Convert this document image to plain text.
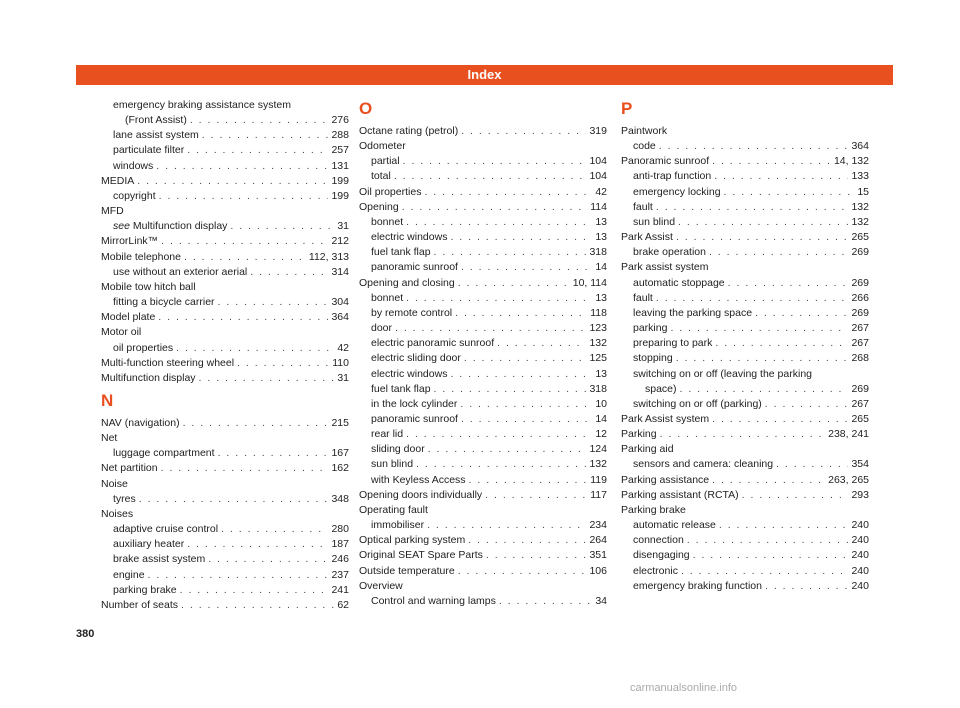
Index
emergency braking assistance system
(Front Assist) . . .	276
lane assist system . . .	288
particulate filter . . .	257
windows . . .	131
MEDIA . . .	199
copyright . . .	199
MFD
see Multifunction display . . .	31
MirrorLink™ . . .	212
Mobile telephone . . .	112, 313
use without an exterior aerial . . .	314
Mobile tow hitch ball
fitting a bicycle carrier . . .	304
Model plate . . .	364
Motor oil
oil properties . . .	42
Multi-function steering wheel . . .	110
Multifunction display . . .	31
N
NAV (navigation) . . .	215
Net
luggage compartment . . .	167
Net partition . . .	162
Noise
tyres . . .	348
Noises
adaptive cruise control . . .	280
auxiliary heater . . .	187
brake assist system . . .	246
engine . . .	237
parking brake . . .	241
Number of seats . . .	62
O
Octane rating (petrol) . . .	319
Odometer
partial . . .	104
total . . .	104
Oil properties . . .	42
Opening . . .	114
bonnet . . .	13
electric windows . . .	13
fuel tank flap . . .	318
panoramic sunroof . . .	14
Opening and closing . . .	10, 114
bonnet . . .	13
by remote control . . .	118
door . . .	123
electric panoramic sunroof . . .	132
electric sliding door . . .	125
electric windows . . .	13
fuel tank flap . . .	318
in the lock cylinder . . .	10
panoramic sunroof . . .	14
rear lid . . .	12
sliding door . . .	124
sun blind . . .	132
with Keyless Access . . .	119
Opening doors individually . . .	117
Operating fault
immobiliser . . .	234
Optical parking system . . .	264
Original SEAT Spare Parts . . .	351
Outside temperature . . .	106
Overview
Control and warning lamps . . .	34
P
Paintwork
code . . .	364
Panoramic sunroof . . .	14, 132
anti-trap function . . .	133
emergency locking . . .	15
fault . . .	132
sun blind . . .	132
Park Assist . . .	265
brake operation . . .	269
Park assist system
automatic stoppage . . .	269
fault . . .	266
leaving the parking space . . .	269
parking . . .	267
preparing to park . . .	267
stopping . . .	268
switching on or off (leaving the parking
space) . . .	269
switching on or off (parking) . . .	267
Park Assist system . . .	265
Parking . . .	238, 241
Parking aid
sensors and camera: cleaning . . .	354
Parking assistance . . .	263, 265
Parking assistant (RCTA) . . .	293
Parking brake
automatic release . . .	240
connection . . .	240
disengaging . . .	240
electronic . . .	240
emergency braking function . . .	240
380
carmanualsonline.info
